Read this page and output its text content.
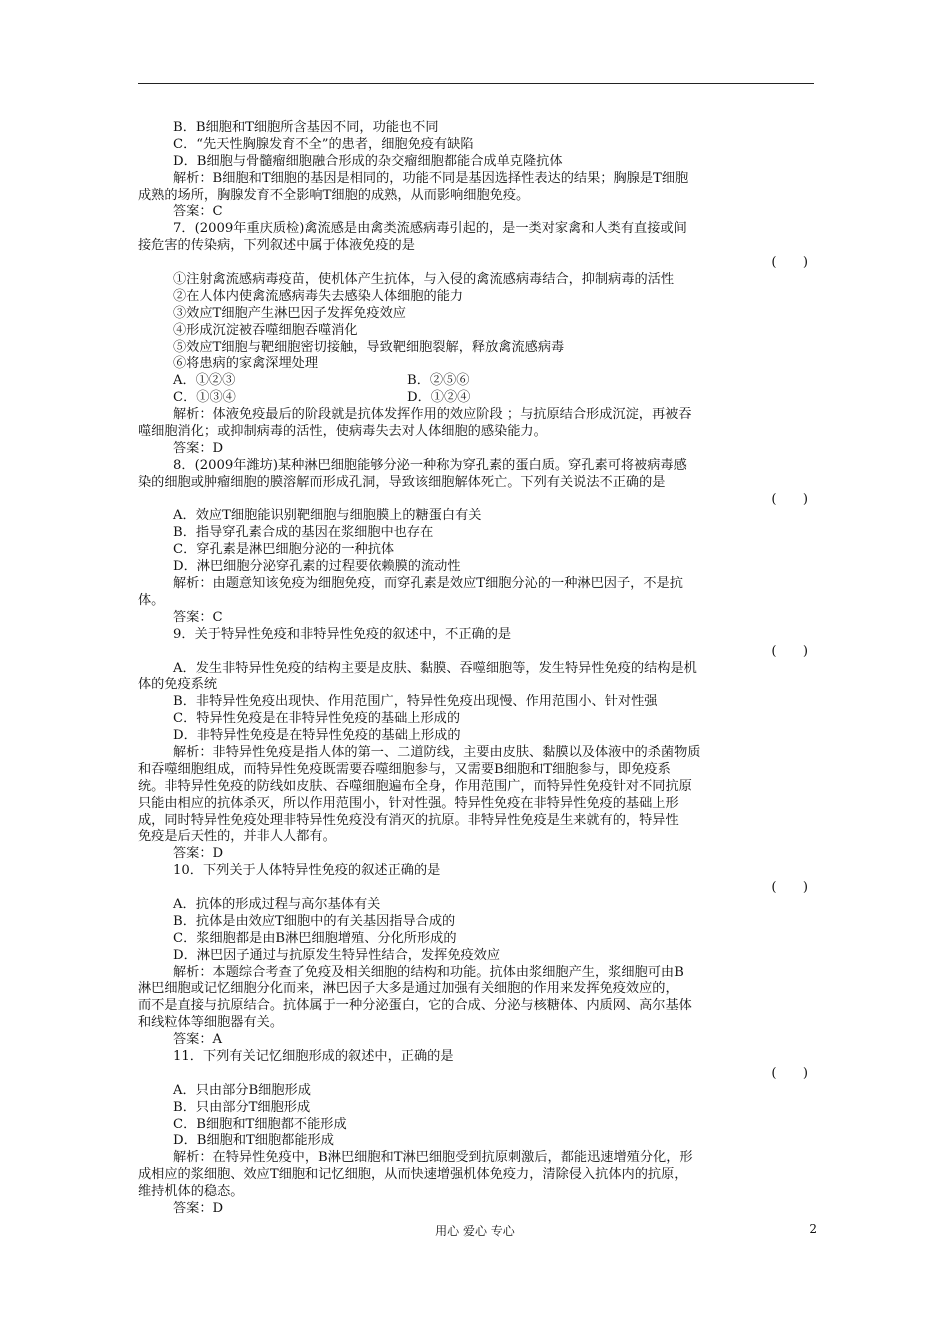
B．B细胞和T细胞所含基因不同，功能也不同
C．“先天性胸腺发育不全”的患者，细胞免疫有缺陷
D．B细胞与骨髓瘤细胞融合形成的杂交瘤细胞都能合成单克隆抗体
解析：B细胞和T细胞的基因是相同的，功能不同是基因选择性表达的结果；胸腺是T细胞
成熟的场所，胸腺发育不全影响T细胞的成熟，从而影响细胞免疫。
答案：C
7．(2009年重庆质检)禽流感是由禽类流感病毒引起的，是一类对家禽和人类有直接或间
接危害的传染病，下列叙述中属于体液免疫的是
(　　)
①注射禽流感病毒疫苗，使机体产生抗体，与入侵的禽流感病毒结合，抑制病毒的活性
②在人体内使禽流感病毒失去感染人体细胞的能力
③效应T细胞产生淋巴因子发挥免疫效应
④形成沉淀被吞噬细胞吞噬消化
⑤效应T细胞与靶细胞密切接触，导致靶细胞裂解，释放禽流感病毒
⑥将患病的家禽深埋处理
A．①②③	B．②⑤⑥
C．①③④	D．①②④
解析：体液免疫最后的阶段就是抗体发挥作用的效应阶段 ；与抗原结合形成沉淀，再被吞
噬细胞消化；或抑制病毒的活性，使病毒失去对人体细胞的感染能力。
答案：D
8．(2009年潍坊)某种淋巴细胞能够分泌一种称为穿孔素的蛋白质。穿孔素可将被病毒感
染的细胞或肿瘤细胞的膜溶解而形成孔洞，导致该细胞解体死亡。下列有关说法不正确的是
(　　)
A．效应T细胞能识别靶细胞与细胞膜上的糖蛋白有关
B．指导穿孔素合成的基因在浆细胞中也存在
C．穿孔素是淋巴细胞分泌的一种抗体
D．淋巴细胞分泌穿孔素的过程要依赖膜的流动性
解析：由题意知该免疫为细胞免疫，而穿孔素是效应T细胞分沁的一种淋巴因子，不是抗
体。
答案：C
9．关于特异性免疫和非特异性免疫的叙述中，不正确的是
(　　)
A．发生非特异性免疫的结构主要是皮肤、黏膜、吞噬细胞等，发生特异性免疫的结构是机
体的免疫系统
B．非特异性免疫出现快、作用范围广，特异性免疫出现慢、作用范围小、针对性强
C．特异性免疫是在非特异性免疫的基础上形成的
D．非特异性免疫是在特异性免疫的基础上形成的
解析：非特异性免疫是指人体的第一、二道防线，主要由皮肤、黏膜以及体液中的杀菌物质
和吞噬细胞组成，而特异性免疫既需要吞噬细胞参与，又需要B细胞和T细胞参与，即免疫系
统。非特异性免疫的防线如皮肤、吞噬细胞遍布全身，作用范围广，而特异性免疫针对不同抗原
只能由相应的抗体杀灭，所以作用范围小，针对性强。特异性免疫在非特异性免疫的基础上形
成，同时特异性免疫处理非特异性免疫没有消灭的抗原。非特异性免疫是生来就有的，特异性
免疫是后天性的，并非人人都有。
答案：D
10．下列关于人体特异性免疫的叙述正确的是
(　　)
A．抗体的形成过程与高尔基体有关
B．抗体是由效应T细胞中的有关基因指导合成的
C．浆细胞都是由B淋巴细胞增殖、分化所形成的
D．淋巴因子通过与抗原发生特异性结合，发挥免疫效应
解析：本题综合考查了免疫及相关细胞的结构和功能。抗体由浆细胞产生，浆细胞可由B
淋巴细胞或记忆细胞分化而来，淋巴因子大多是通过加强有关细胞的作用来发挥免疫效应的，
而不是直接与抗原结合。抗体属于一种分泌蛋白，它的合成、分泌与核糖体、内质网、高尔基体
和线粒体等细胞器有关。
答案：A
11．下列有关记忆细胞形成的叙述中，正确的是
(　　)
A．只由部分B细胞形成
B．只由部分T细胞形成
C．B细胞和T细胞都不能形成
D．B细胞和T细胞都能形成
解析：在特异性免疫中，B淋巴细胞和T淋巴细胞受到抗原刺激后，都能迅速增殖分化，形
成相应的浆细胞、效应T细胞和记忆细胞，从而快速增强机体免疫力，清除侵入抗体内的抗原，
维持机体的稳态。
答案：D
用心 爱心 专心	2
